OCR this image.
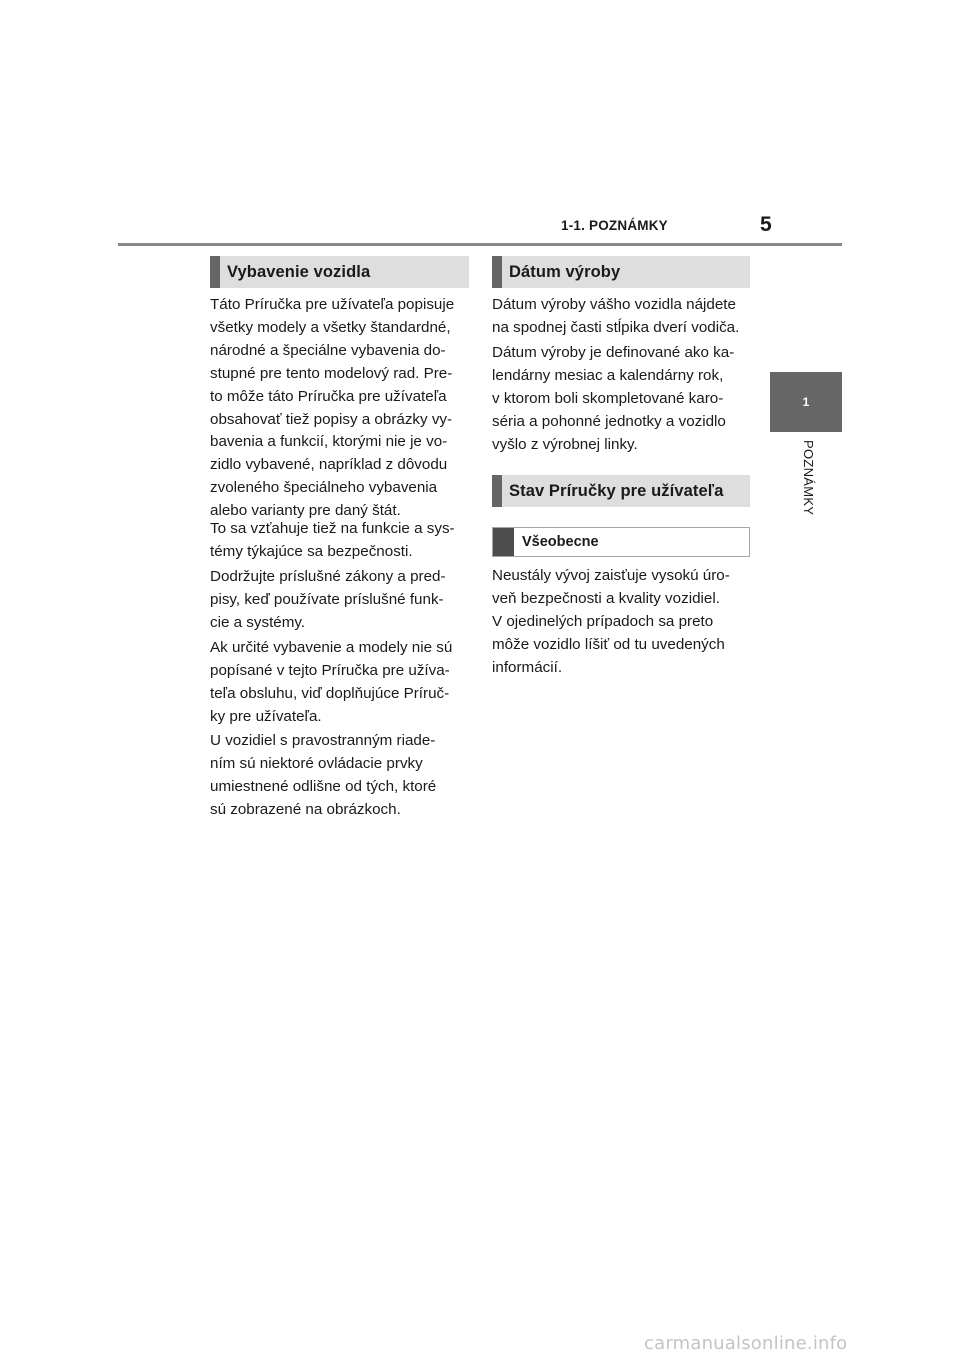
1-1. POZNÁMKY	5
1
POZNÁMKY
Vybavenie vozidla
Táto Príručka pre užívateľa popisuje
všetky modely a všetky štandardné,
národné a špeciálne vybavenia do-
stupné pre tento modelový rad. Pre-
to môže táto Príručka pre užívateľa
obsahovať tiež popisy a obrázky vy-
bavenia a funkcií, ktorými nie je vo-
zidlo vybavené, napríklad z dôvodu
zvoleného špeciálneho vybavenia
alebo varianty pre daný štát.
To sa vzťahuje tiež na funkcie a sys-
témy týkajúce sa bezpečnosti.
Dodržujte príslušné zákony a pred-
pisy, keď používate príslušné funk-
cie a systémy.
Ak určité vybavenie a modely nie sú
popísané v tejto Príručka pre užíva-
teľa obsluhu, viď doplňujúce Príruč-
ky pre užívateľa.
U vozidiel s pravostranným riade-
ním sú niektoré ovládacie prvky
umiestnené odlišne od tých, ktoré
sú zobrazené na obrázkoch.
Dátum výroby
Dátum výroby vášho vozidla nájdete
na spodnej časti stĺpika dverí vodiča.
Dátum výroby je definované ako ka-
lendárny mesiac a kalendárny rok,
v ktorom boli skompletované karo-
séria a pohonné jednotky a vozidlo
vyšlo z výrobnej linky.
Stav Príručky pre užívateľa
Všeobecne
Neustály vývoj zaisťuje vysokú úro-
veň bezpečnosti a kvality vozidiel.
V ojedinelých prípadoch sa preto
môže vozidlo líšiť od tu uvedených
informácií.
carmanualsonline.info
